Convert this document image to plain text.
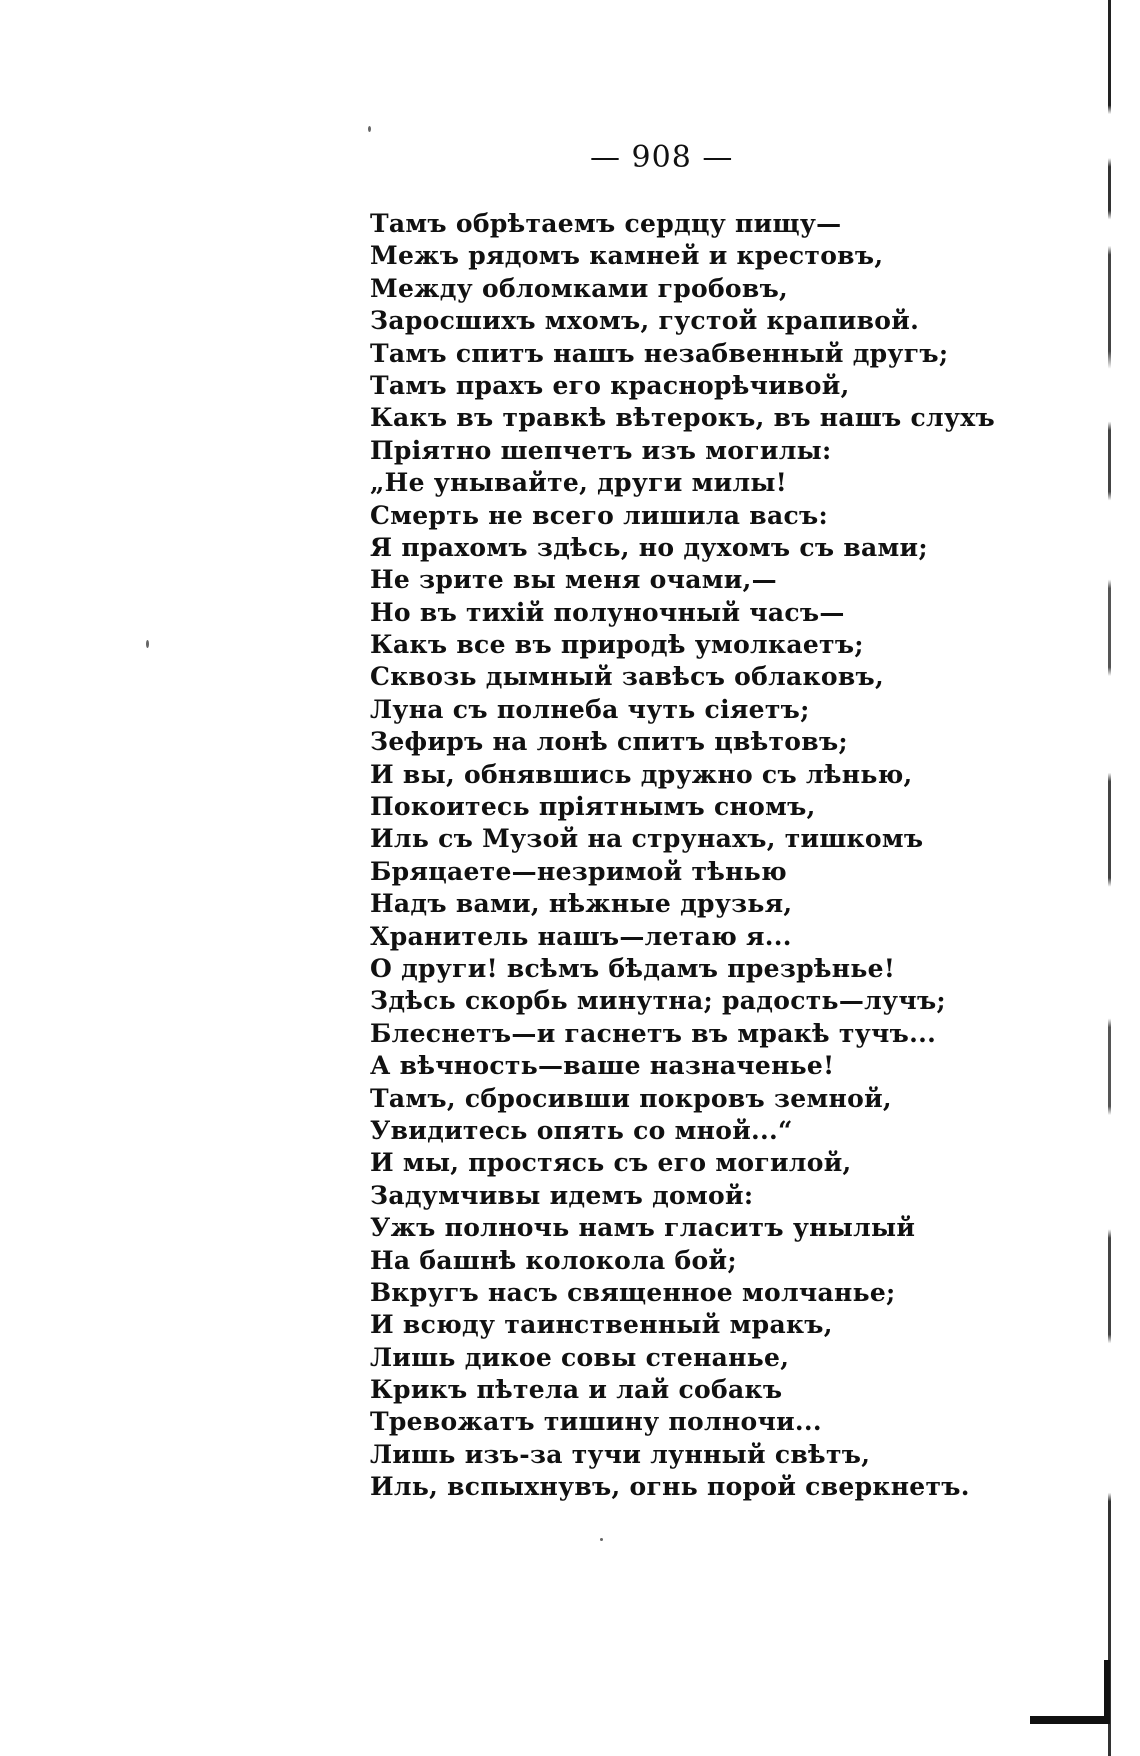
— 908 —
Тамъ обрѣтаемъ сердцу пищу—
Межъ рядомъ камней и крестовъ,
Между обломками гробовъ,
Заросшихъ мхомъ, густой крапивой.
Тамъ спитъ нашъ незабвенный другъ;
Тамъ прахъ его краснорѣчивой,
Какъ въ травкѣ вѣтерокъ, въ нашъ слухъ
Пріятно шепчетъ изъ могилы:
„Не унывайте, други милы!
Смерть не всего лишила васъ:
Я прахомъ здѣсь, но духомъ съ вами;
Не зрите вы меня очами,—
Но въ тихій полуночный часъ—
Какъ все въ природѣ умолкаетъ;
Сквозь дымный завѣсъ облаковъ,
Луна съ полнеба чуть сіяетъ;
Зефиръ на лонѣ спитъ цвѣтовъ;
И вы, обнявшись дружно съ лѣнью,
Покоитесь пріятнымъ сномъ,
Иль съ Музой на струнахъ, тишкомъ
Бряцаете—незримой тѣнью
Надъ вами, нѣжные друзья,
Хранитель нашъ—летаю я...
О други! всѣмъ бѣдамъ презрѣнье!
Здѣсь скорбь минутна; радость—лучъ;
Блеснетъ—и гаснетъ въ мракѣ тучъ...
А вѣчность—ваше назначенье!
Тамъ, сбросивши покровъ земной,
Увидитесь опять со мной...“
И мы, простясь съ его могилой,
Задумчивы идемъ домой:
Ужъ полночь намъ гласитъ унылый
На башнѣ колокола бой;
Вкругъ насъ священное молчанье;
И всюду таинственный мракъ,
Лишь дикое совы стенанье,
Крикъ пѣтела и лай собакъ
Тревожатъ тишину полночи...
Лишь изъ-за тучи лунный свѣтъ,
Иль, вспыхнувъ, огнь порой сверкнетъ.
